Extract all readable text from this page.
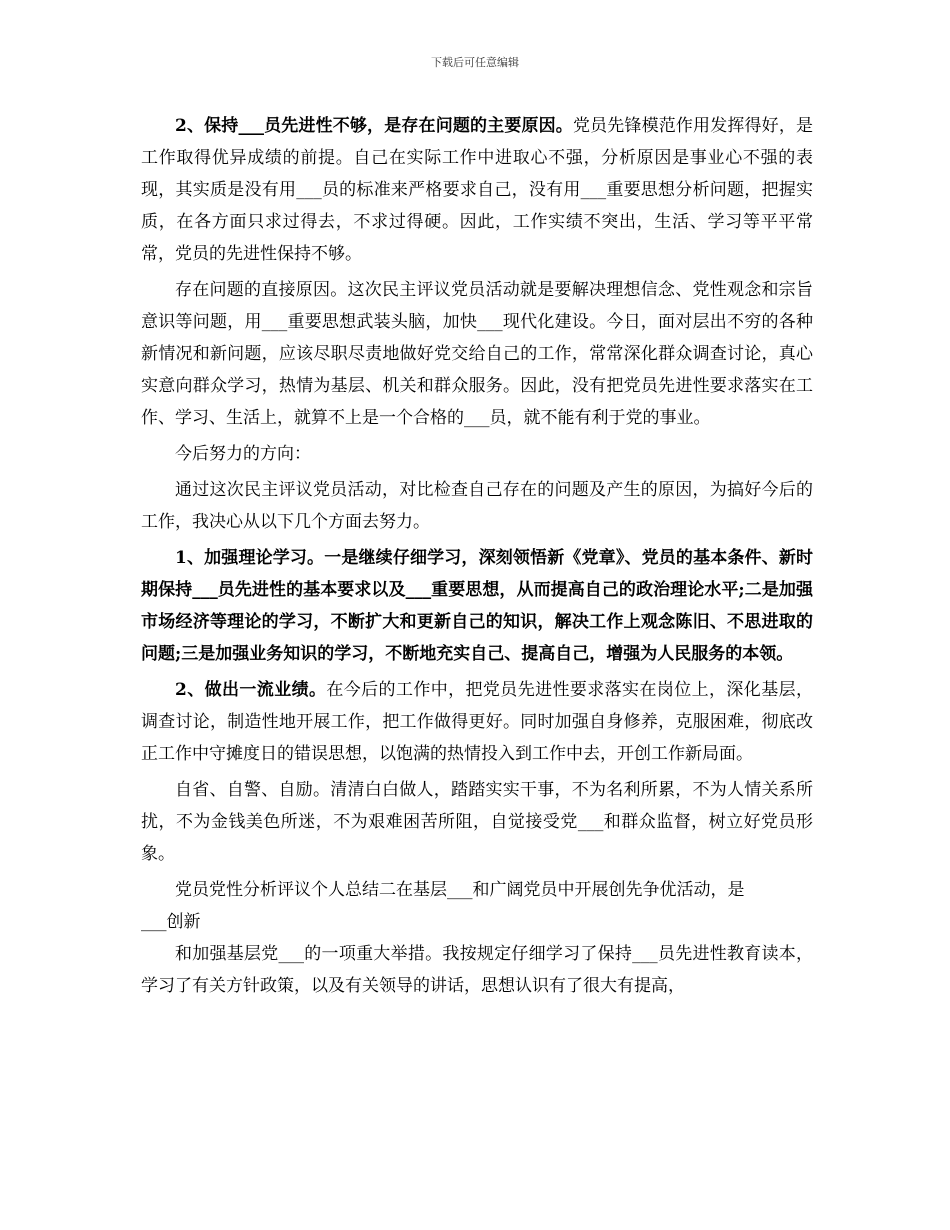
下载后可任意编辑

2、保持___员先进性不够，是存在问题的主要原因。党员先锋模范作用发挥得好，是工作取得优异成绩的前提。自己在实际工作中进取心不强，分析原因是事业心不强的表现，其实质是没有用___员的标准来严格要求自己，没有用___重要思想分析问题，把握实质，在各方面只求过得去，不求过得硬。因此，工作实绩不突出，生活、学习等平平常常，党员的先进性保持不够。

存在问题的直接原因。这次民主评议党员活动就是要解决理想信念、党性观念和宗旨意识等问题，用___重要思想武装头脑，加快___现代化建设。今日，面对层出不穷的各种新情况和新问题，应该尽职尽责地做好党交给自己的工作，常常深化群众调查讨论，真心实意向群众学习，热情为基层、机关和群众服务。因此，没有把党员先进性要求落实在工作、学习、生活上，就算不上是一个合格的___员，就不能有利于党的事业。

今后努力的方向：

通过这次民主评议党员活动，对比检查自己存在的问题及产生的原因，为搞好今后的工作，我决心从以下几个方面去努力。

1、加强理论学习。一是继续仔细学习，深刻领悟新《党章》、党员的基本条件、新时期保持___员先进性的基本要求以及___重要思想，从而提高自己的政治理论水平;二是加强市场经济等理论的学习，不断扩大和更新自己的知识，解决工作上观念陈旧、不思进取的问题;三是加强业务知识的学习，不断地充实自己、提高自己，增强为人民服务的本领。

2、做出一流业绩。在今后的工作中，把党员先进性要求落实在岗位上，深化基层，调查讨论，制造性地开展工作，把工作做得更好。同时加强自身修养，克服困难，彻底改正工作中守摊度日的错误思想，以饱满的热情投入到工作中去，开创工作新局面。

自省、自警、自励。清清白白做人，踏踏实实干事，不为名利所累，不为人情关系所扰，不为金钱美色所迷，不为艰难困苦所阻，自觉接受党___和群众监督，树立好党员形象。

党员党性分析评议个人总结二在基层___和广阔党员中开展创先争优活动，是

___创新

和加强基层党___的一项重大举措。我按规定仔细学习了保持___员先进性教育读本，学习了有关方针政策，以及有关领导的讲话，思想认识有了很大有提高，
